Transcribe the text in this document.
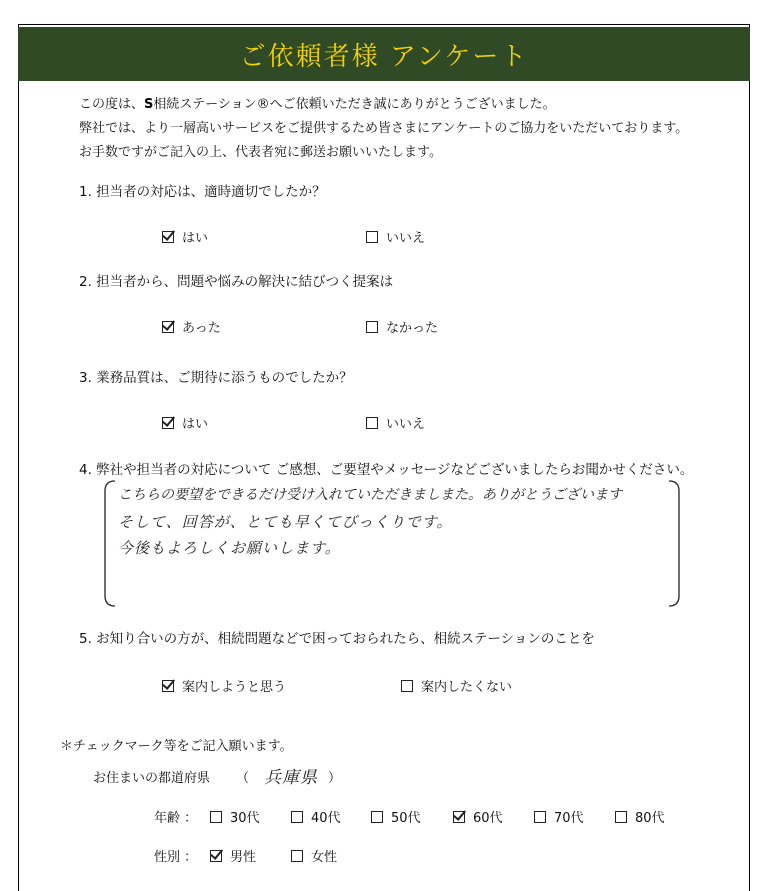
ご依頼者様 アンケート
この度は、S相続ステーション®へご依頼いただき誠にありがとうございました。
弊社では、より一層高いサービスをご提供するため皆さまにアンケートのご協力をいただいております。
お手数ですがご記入の上、代表者宛に郵送お願いいたします。
1. 担当者の対応は、適時適切でしたか？
はい	いいえ
2. 担当者から、問題や悩みの解決に結びつく提案は
あった	なかった
3. 業務品質は、ご期待に添うものでしたか？
はい	いいえ
4. 弊社や担当者の対応について ご感想、ご要望やメッセージなどございましたらお聞かせください。
こちらの要望をできるだけ受け入れていただきましまた。ありがとうございます
そして、回答が、とても早くてびっくりです。
今後もよろしくお願いします。
5. お知り合いの方が、相続問題などで困っておられたら、相続ステーションのことを
案内しようと思う	案内したくない
＊チェックマーク等をご記入願います。
お住まいの都道府県 （ 兵庫県 ）
年齢 ：	30代	40代	50代	60代	70代	80代
性別 ：	男性	女性
